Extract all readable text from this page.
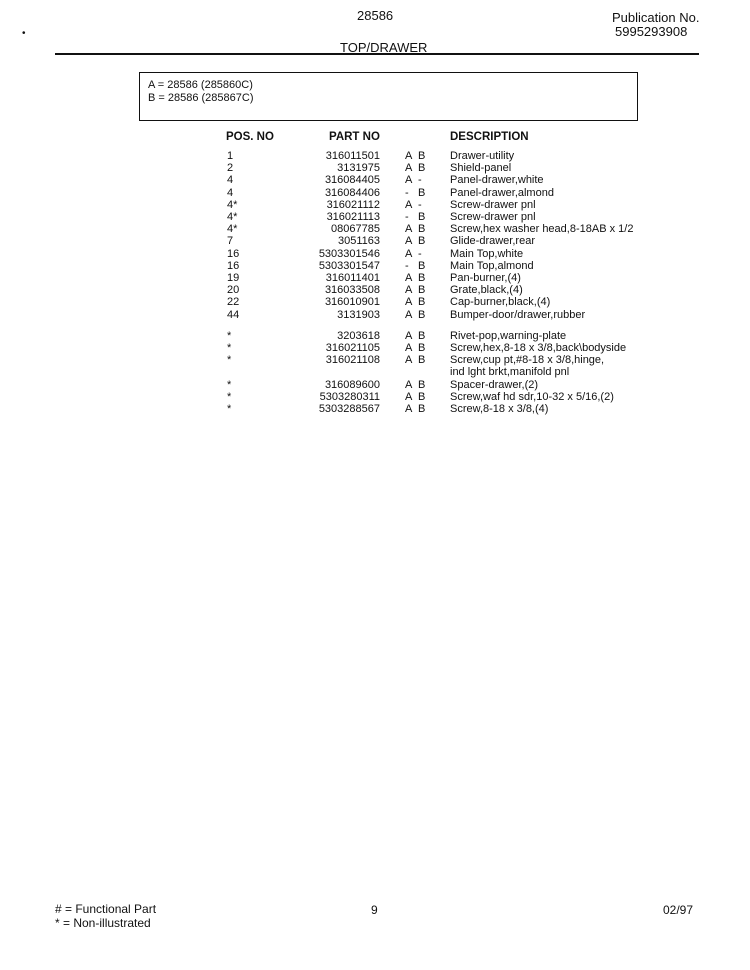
•
28586	Publication No.
5995293908
TOP/DRAWER
A = 28586 (285860C)
B = 28586 (285867C)
POS. NO	PART NO	DESCRIPTION
1	316011501 A B Drawer-utility
2	3131975 A B Shield-panel
4	316084405 A -	Panel-drawer,white
4	316084406 - B Panel-drawer,almond
4*	316021112 A -	Screw-drawer pnl
4*	316021113 - B Screw-drawer pnl
4*	08067785 A B Screw,hex washer head,8-18AB x 1/2
7	3051163 A B Glide-drawer,rear
16	5303301546 A -	Main Top,white
16	5303301547 - B Main Top,almond
19	316011401 A B Pan-burner,(4)
20	316033508 A B Grate,black,(4)
22	316010901 A B Cap-burner,black,(4)
44	3131903 A B Bumper-door/drawer,rubber
*	3203618 A B Rivet-pop,warning-plate
*	316021105 A B Screw,hex,8-18 x 3/8,back\bodyside
*	316021108 A B Screw,cup pt,#8-18 x 3/8,hinge,
ind lght brkt,manifold pnl
*	316089600 A B Spacer-drawer,(2)
*	5303280311 A B Screw,waf hd sdr,10-32 x 5/16,(2)
*	5303288567 A B Screw,8-18 x 3/8,(4)
# = Functional Part
* = Non-illustrated
9	02/97
